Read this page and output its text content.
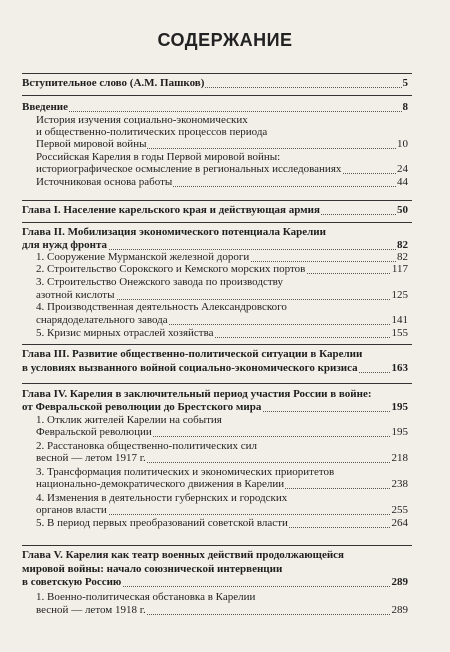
СОДЕРЖАНИЕ
Вступительное слово (А.М. Пашков)	5
Введение	8
История изучения социально-экономических
и общественно-политических процессов периода
Первой мировой войны	10
Российская Карелия в годы Первой мировой войны:
историографическое осмысление в региональных исследованиях	24
Источниковая основа работы	44
Глава I. Население карельского края и действующая армия	50
Глава II. Мобилизация экономического потенциала Карелии
для нужд фронта	82
1. Сооружение Мурманской железной дороги	82
2. Строительство Сорокского и Кемского морских портов	117
3. Строительство Онежского завода по производству
азотной кислоты	125
4. Производственная деятельность Александровского
снарядоделательного завода	141
5. Кризис мирных отраслей хозяйства	155
Глава III. Развитие общественно-политической ситуации в Карелии
в условиях вызванного войной социально-экономического кризиса	163
Глава IV. Карелия в заключительный период участия России в войне:
от Февральской революции до Брестского мира	195
1. Отклик жителей Карелии на события
Февральской революции	195
2. Расстановка общественно-политических сил
весной — летом 1917 г.	218
3. Трансформация политических и экономических приоритетов
национально-демократического движения в Карелии	238
4. Изменения в деятельности губернских и городских
органов власти	255
5. В период первых преобразований советской власти	264
Глава V. Карелия как театр военных действий продолжающейся
мировой войны: начало союзнической интервенции
в советскую Россию	289
1. Военно-политическая обстановка в Карелии
весной — летом 1918 г.	289
